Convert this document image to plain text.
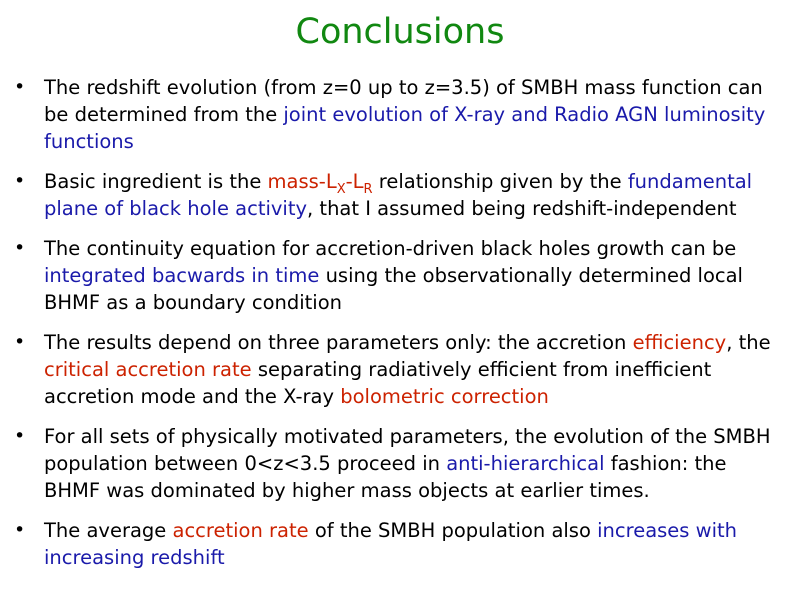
Conclusions
• The redshift evolution (from z=0 up to z=3.5) of SMBH mass function can be determined from the joint evolution of X-ray and Radio AGN luminosity functions
• Basic ingredient is the mass-$L_X-L_R$ relationship given by the fundamental plane of black hole activity, that I assumed being redshift-independent
• The continuity equation for accretion-driven black holes growth can be integrated bacwards in time using the observationally determined local BHMF as a boundary condition
• The results depend on three parameters only: the accretion efficiency, the critical accretion rate separating radiatively efficient from inefficient accretion mode and the X-ray bolometric correction
• For all sets of physically motivated parameters, the evolution of the SMBH population between 0<z<3.5 proceed in anti-hierarchical fashion: the BHMF was dominated by higher mass objects at earlier times.
• The average accretion rate of the SMBH population also increases with increasing redshift
